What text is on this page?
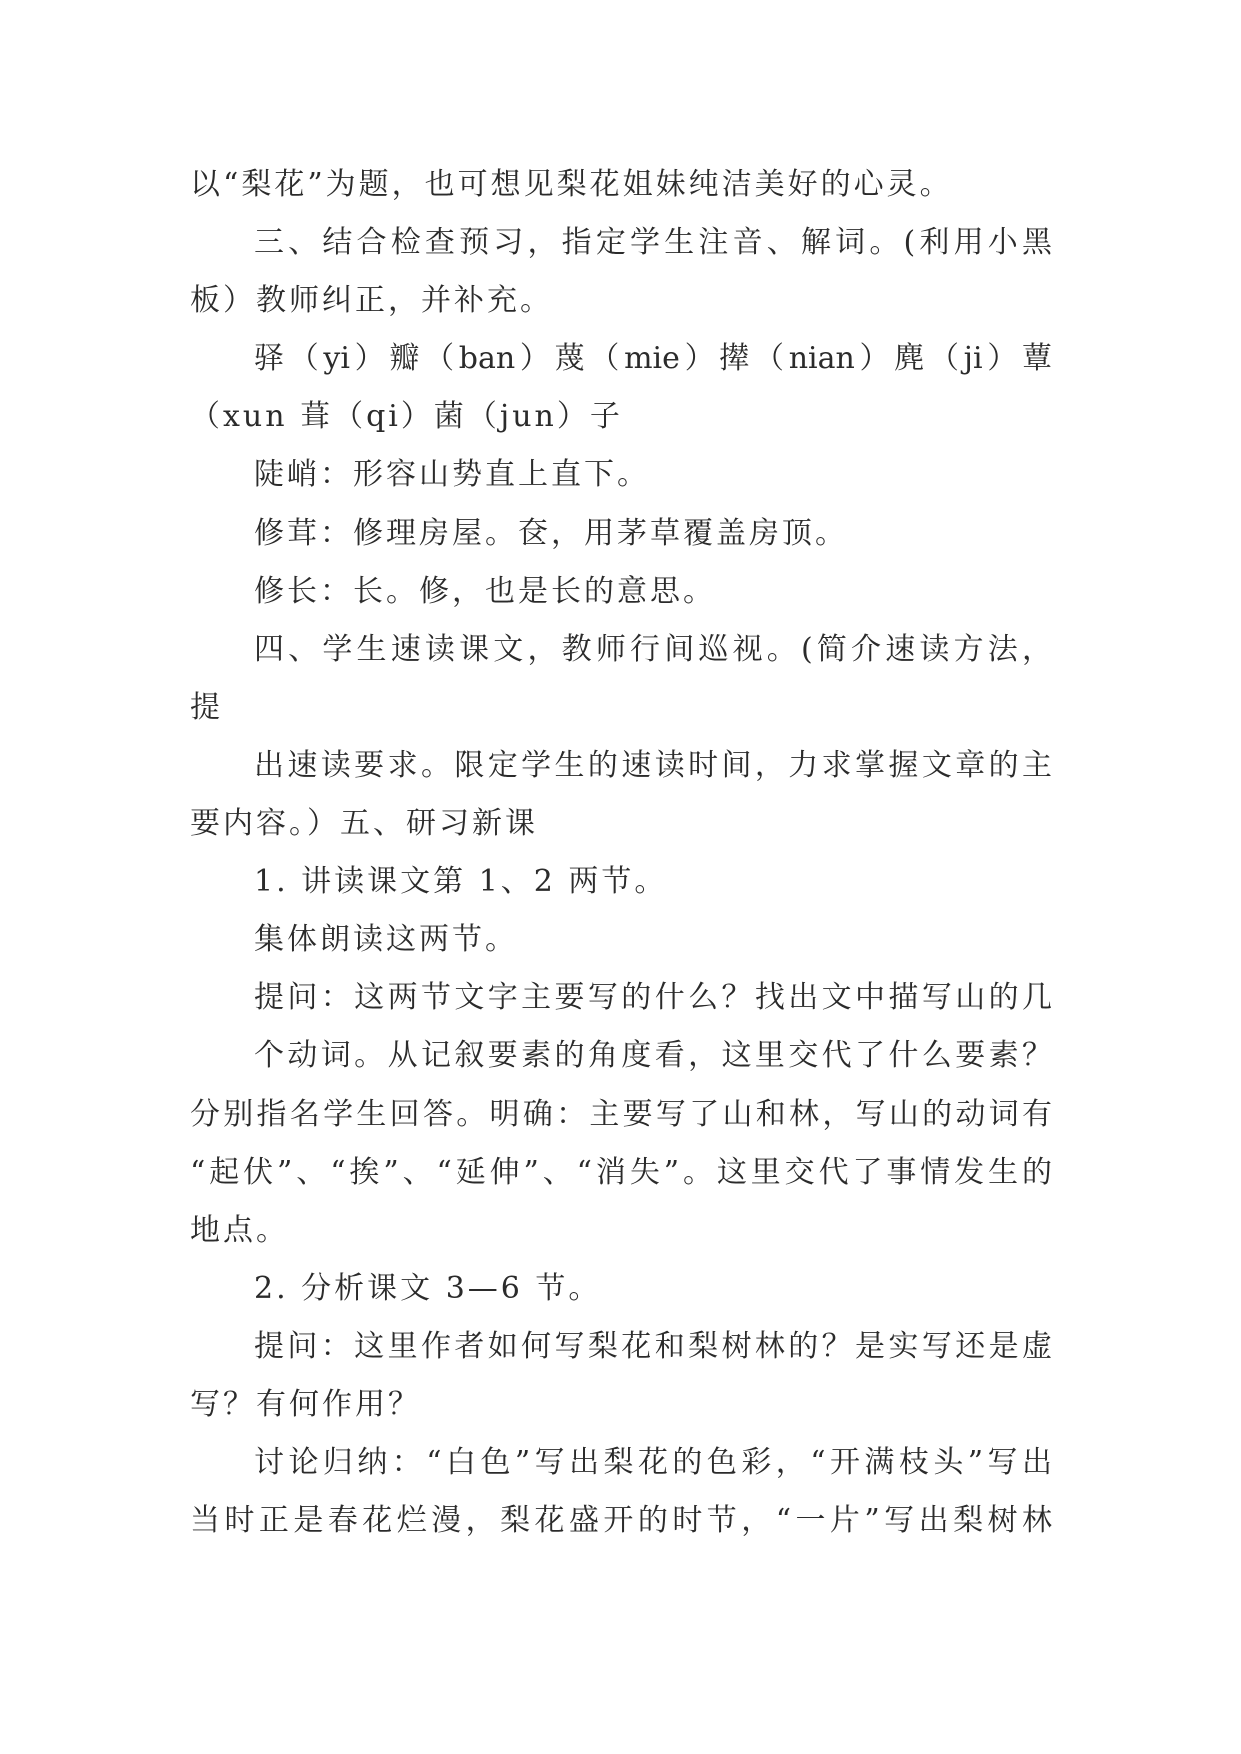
以“梨花”为题，也可想见梨花姐妹纯洁美好的心灵。
三、结合检查预习，指定学生注音、解词。(利用小黑
板）教师纠正，并补充。
驿（yi）瓣（ban）蔑（mie）撵（nian）麂（ji）蕈
（xun 葺（qi）菌（jun）子
陡峭：形容山势直上直下。
修茸：修理房屋。奁，用茅草覆盖房顶。
修长：长。修，也是长的意思。
四、学生速读课文，教师行间巡视。(简介速读方法，
提
出速读要求。限定学生的速读时间，力求掌握文章的主
要内容。）五、研习新课
1. 讲读课文第 1、2 两节。
集体朗读这两节。
提问：这两节文字主要写的什么？找出文中描写山的几
个动词。从记叙要素的角度看，这里交代了什么要素？
分别指名学生回答。明确：主要写了山和林，写山的动词有
“起伏”、“挨”、“延伸”、“消失”。这里交代了事情发生的
地点。
2. 分析课文 3—6 节。
提问：这里作者如何写梨花和梨树林的？是实写还是虚
写？有何作用？
讨论归纳：“白色”写出梨花的色彩，“开满枝头”写出
当时正是春花烂漫，梨花盛开的时节，“一片”写出梨树林
